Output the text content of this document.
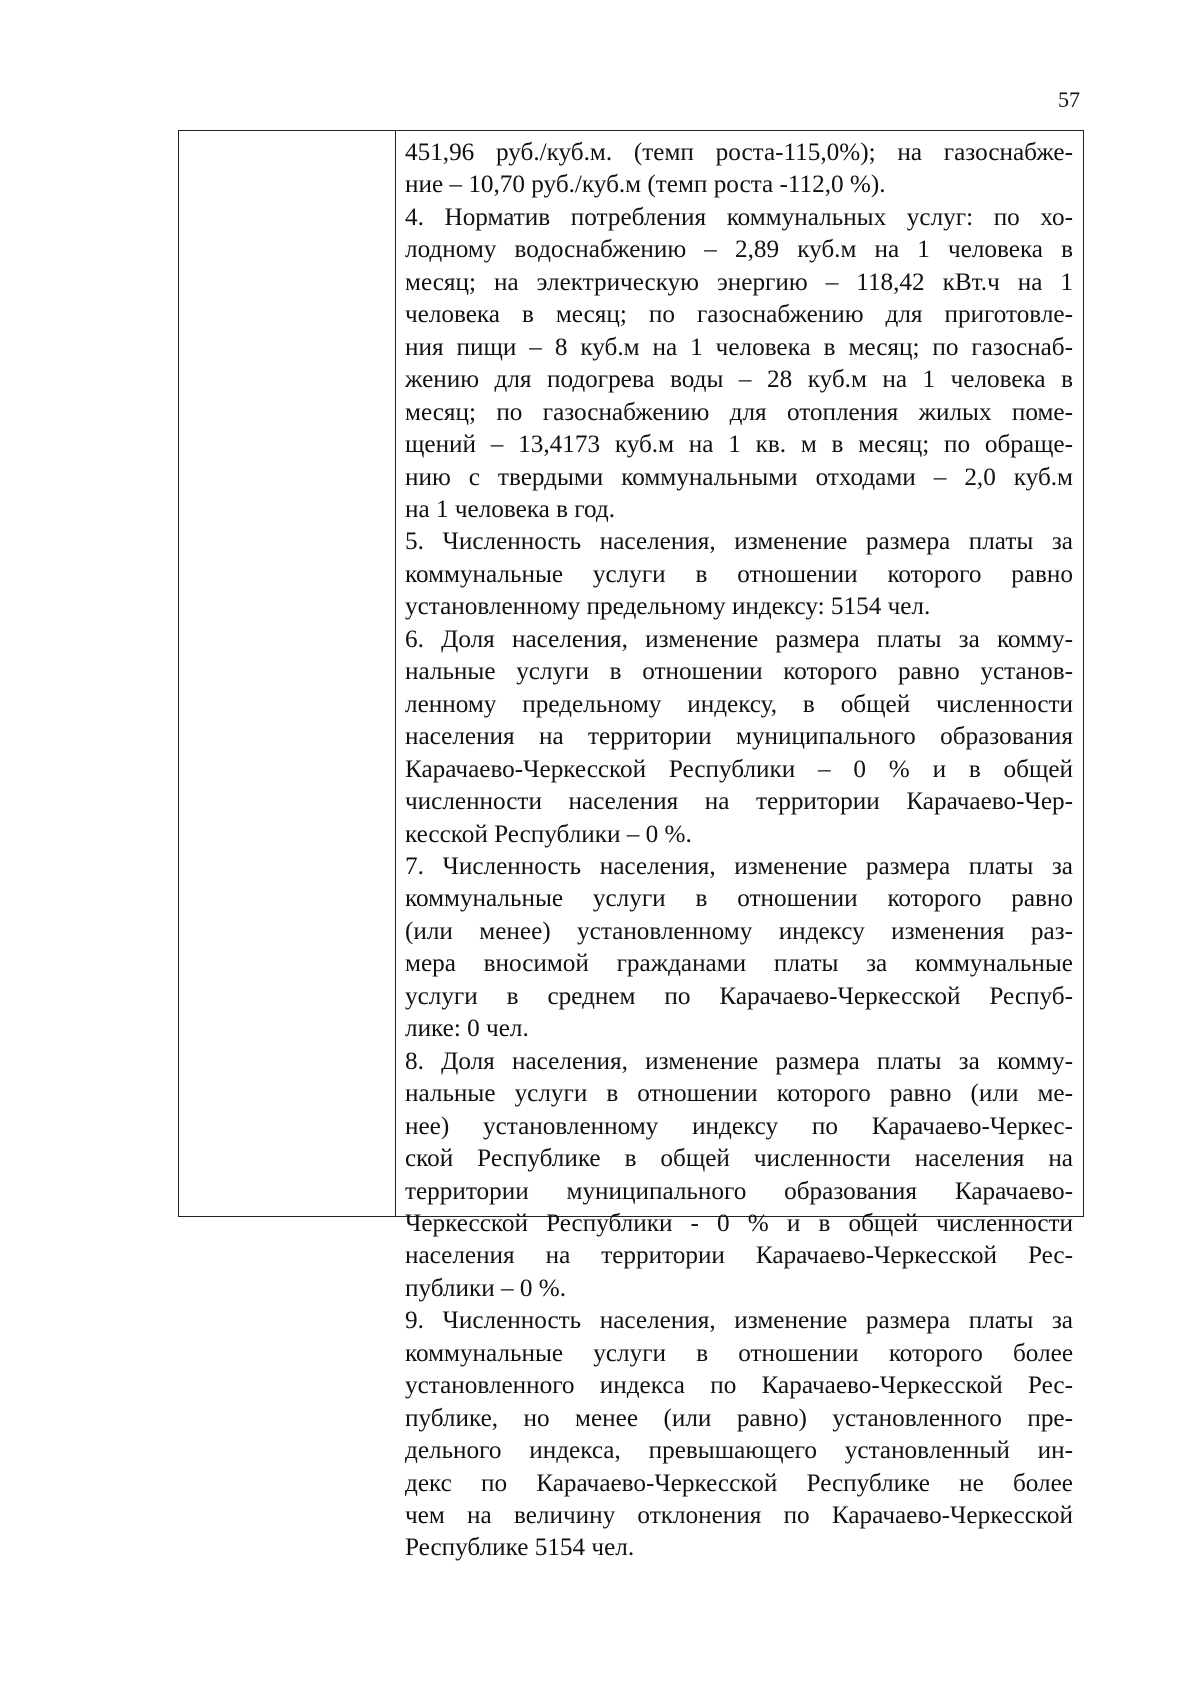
57
451,96 руб./куб.м. (темп роста-115,0%); на газоснабже-
ние – 10,70 руб./куб.м (темп роста -112,0 %).
4. Норматив потребления коммунальных услуг: по хо-
лодному водоснабжению – 2,89 куб.м на 1 человека в
месяц; на электрическую энергию – 118,42 кВт.ч на 1
человека в месяц; по газоснабжению для приготовле-
ния пищи – 8 куб.м на 1 человека в месяц; по газоснаб-
жению для подогрева воды – 28 куб.м на 1 человека в
месяц; по газоснабжению для отопления жилых поме-
щений – 13,4173 куб.м на 1 кв. м в месяц; по обраще-
нию с твердыми коммунальными отходами – 2,0 куб.м
на 1 человека в год.
5. Численность населения, изменение размера платы за
коммунальные услуги в отношении которого равно
установленному предельному индексу: 5154 чел.
6. Доля населения, изменение размера платы за комму-
нальные услуги в отношении которого равно установ-
ленному предельному индексу, в общей численности
населения на территории муниципального образования
Карачаево-Черкесской Республики – 0 % и в общей
численности населения на территории Карачаево-Чер-
кесской Республики – 0 %.
7. Численность населения, изменение размера платы за
коммунальные услуги в отношении которого равно
(или менее) установленному индексу изменения раз-
мера вносимой гражданами платы за коммунальные
услуги в среднем по Карачаево-Черкесской Респуб-
лике: 0 чел.
8. Доля населения, изменение размера платы за комму-
нальные услуги в отношении которого равно (или ме-
нее) установленному индексу по Карачаево-Черкес-
ской Республике в общей численности населения на
территории муниципального образования Карачаево-
Черкесской Республики - 0 % и в общей численности
населения на территории Карачаево-Черкесской Рес-
публики – 0 %.
9. Численность населения, изменение размера платы за
коммунальные услуги в отношении которого более
установленного индекса по Карачаево-Черкесской Рес-
публике, но менее (или равно) установленного пре-
дельного индекса, превышающего установленный ин-
декс по Карачаево-Черкесской Республике не более
чем на величину отклонения по Карачаево-Черкесской
Республике 5154 чел.
